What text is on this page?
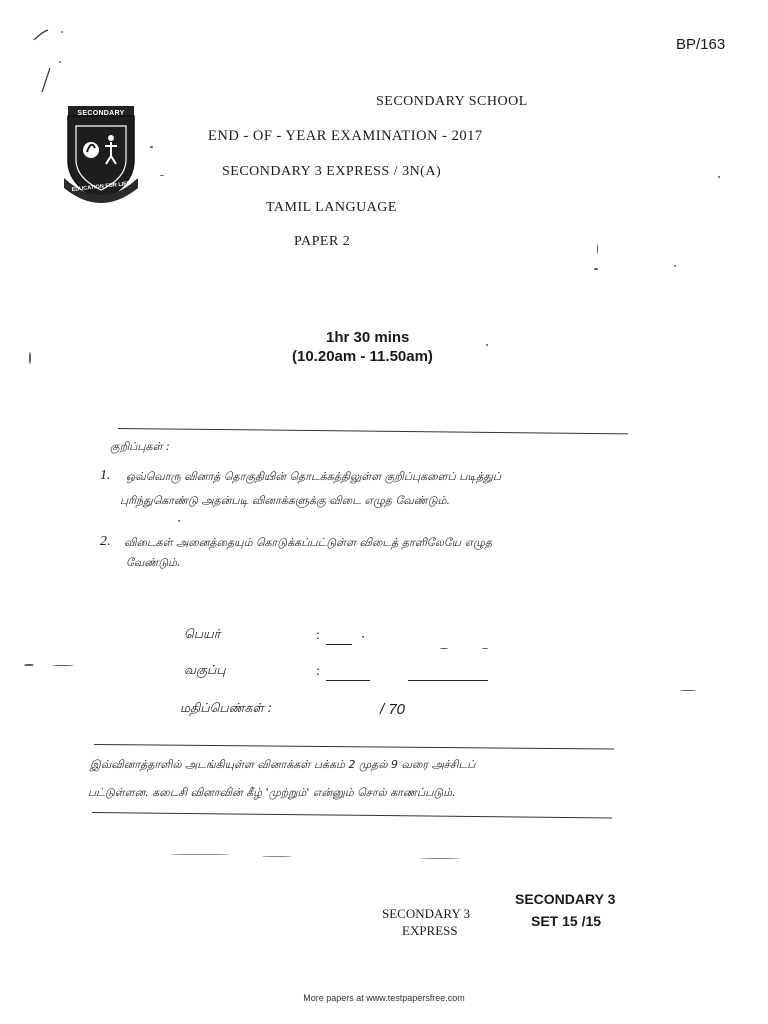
BP/163
SECONDARY
EDUCATION FOR LIFE
SECONDARY SCHOOL
END - OF - YEAR EXAMINATION - 2017
SECONDARY 3 EXPRESS / 3N(A)
TAMIL LANGUAGE
PAPER 2
1hr 30 mins
(10.20am - 11.50am)
குறிப்புகள் :
1. ஒவ்வொரு வினாத் தொகுதியின் தொடக்கத்திலுள்ள குறிப்புகளைப் படித்துப்
புரிந்துகொண்டு அதன்படி வினாக்களுக்கு விடை எழுத வேண்டும்.
2. விடைகள் அனைத்தையும் கொடுக்கப்பட்டுள்ள விடைத் தாளிலேயே எழுத
வேண்டும்.
பெயர்	:
வகுப்பு	:
மதிப்பெண்கள் :	/ 70
இவ்வினாத்தாளில் அடங்கியுள்ள வினாக்கள் பக்கம் 2 முதல் 9 வரை அச்சிடப்
பட்டுள்ளன. கடைசி வினாவின் கீழ் 'முற்றும்' என்னும் சொல் காணப்படும்.
SECONDARY 3
EXPRESS
SECONDARY 3
SET 15 /15
More papers at www.testpapersfree.com
